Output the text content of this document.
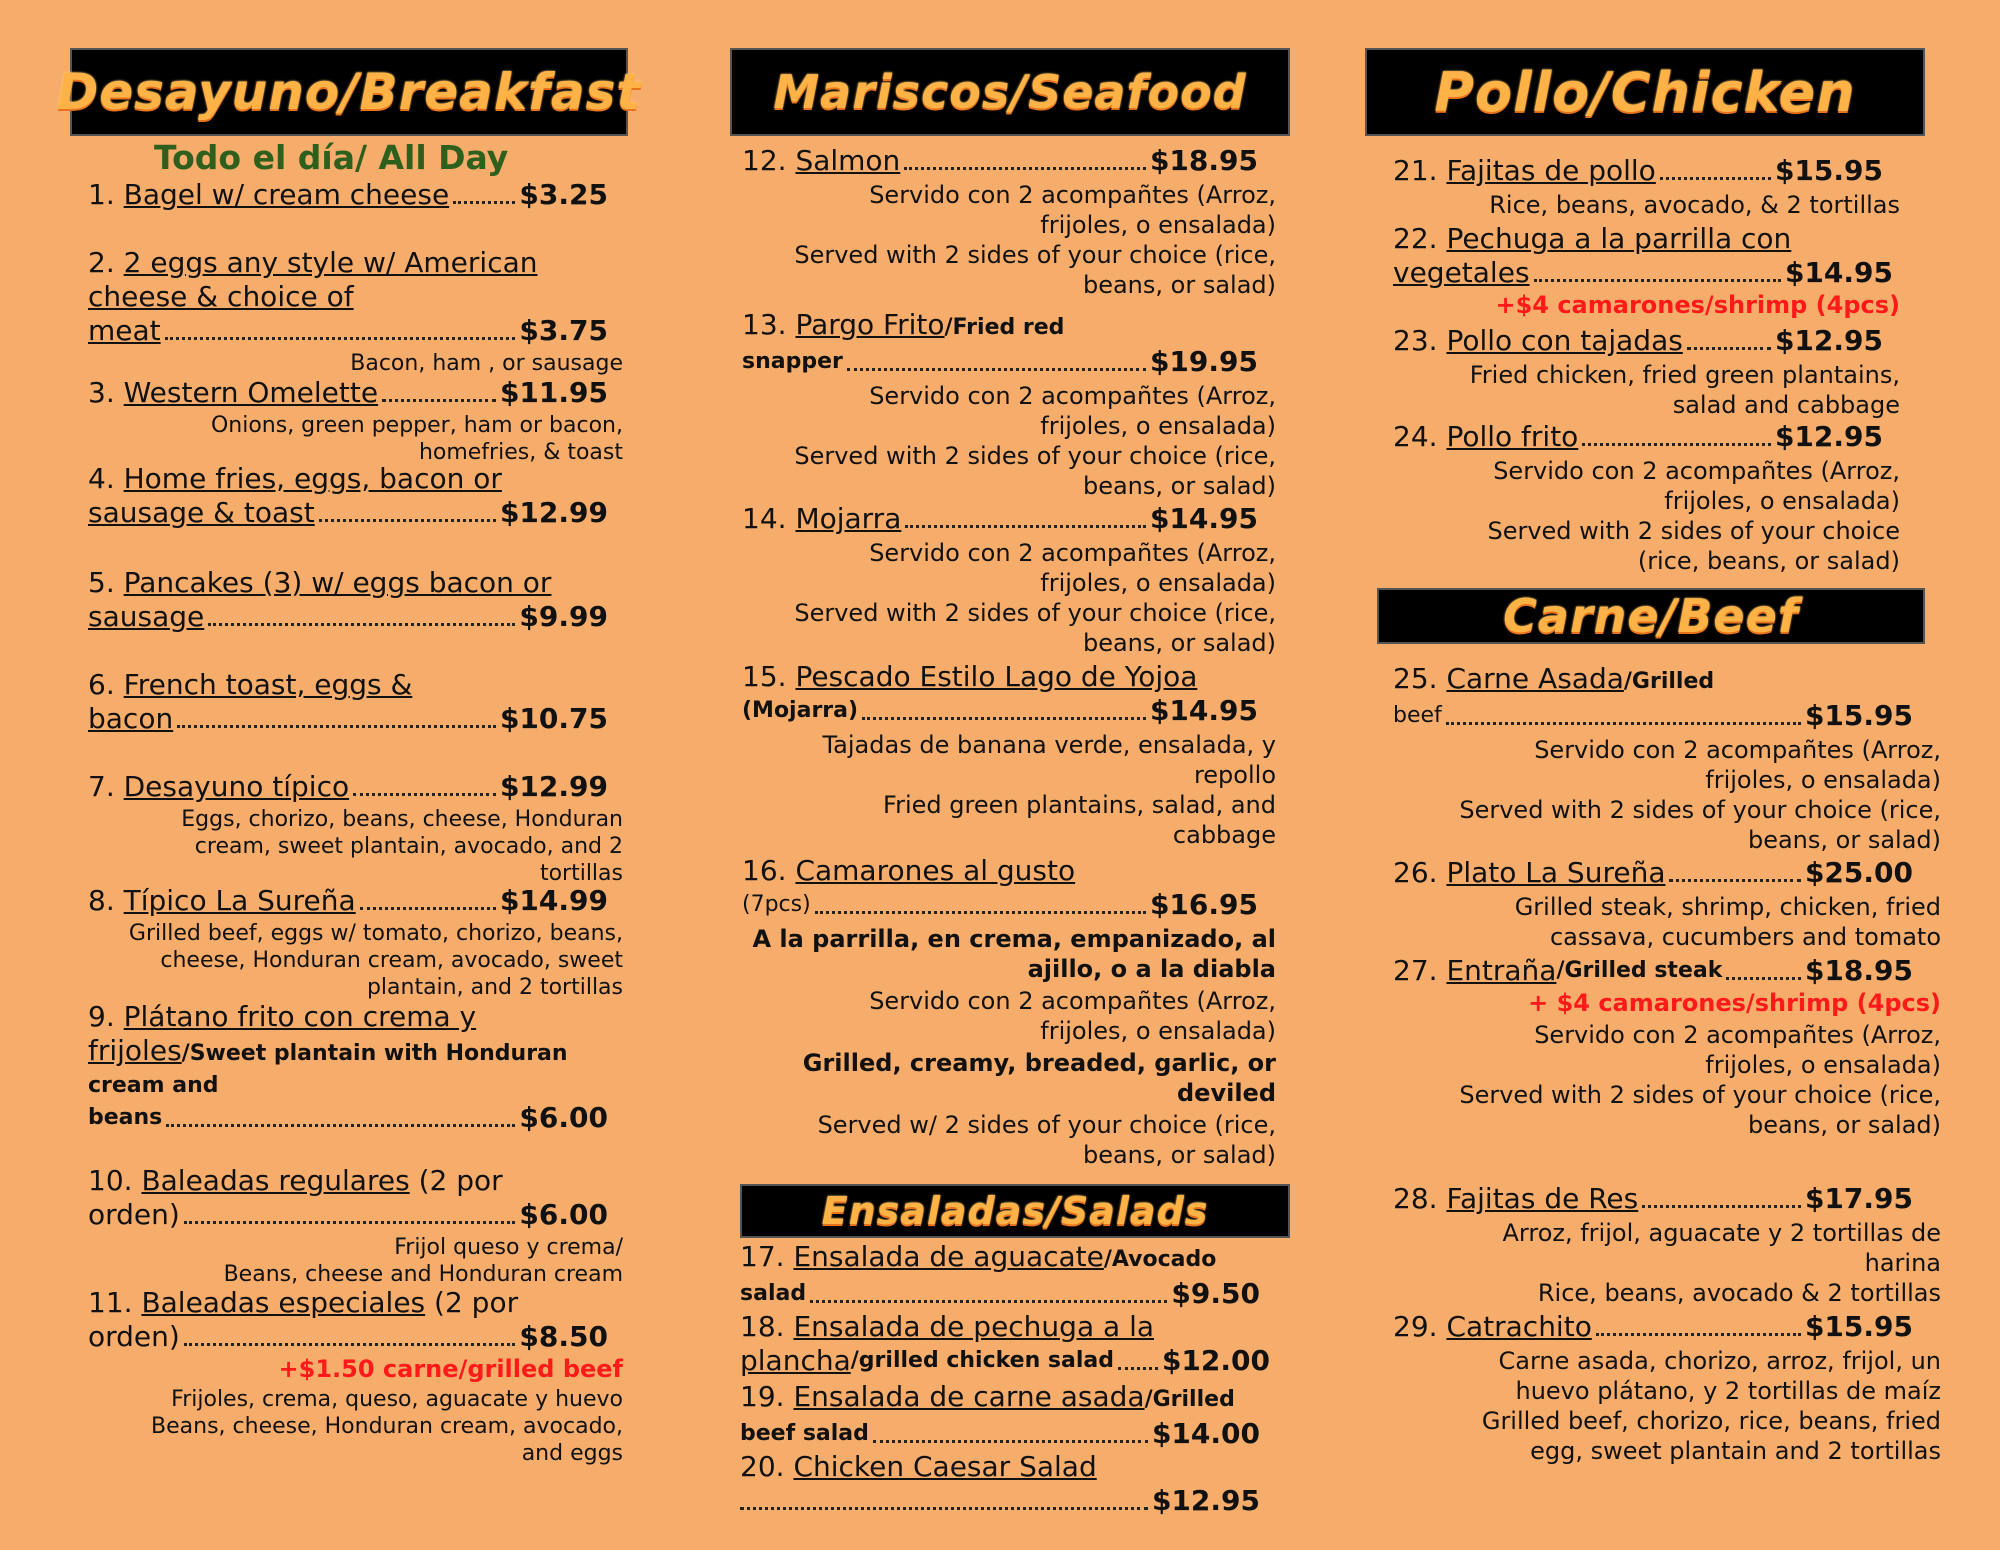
Desayuno/Breakfast
Todo el día/ All Day
1.
Bagel w/ cream cheese	$3.25
2. 2 eggs any style w/ American
cheese & choice of
meat	$3.75
Bacon, ham , or sausage
3.
Western Omelette	$11.95
Onions, green pepper, ham or bacon,
homefries, & toast
4. Home fries, eggs, bacon or
sausage & toast	$12.99
5. Pancakes (3) w/ eggs bacon or
sausage	$9.99
6. French toast, eggs &
bacon	$10.75
7.
Desayuno típico	$12.99
Eggs, chorizo, beans, cheese, Honduran
cream, sweet plantain, avocado, and 2
tortillas
8.
Típico La Sureña	$14.99
Grilled beef, eggs w/ tomato, chorizo, beans,
cheese, Honduran cream, avocado, sweet
plantain, and 2 tortillas
9. Plátano frito con crema y
frijoles/Sweet plantain with Honduran
cream and
beans	$6.00
10. Baleadas regulares (2 por
orden)	$6.00
Frijol queso y crema/
Beans, cheese and Honduran cream
11. Baleadas especiales (2 por
orden)	$8.50
+$1.50 carne/grilled beef
Frijoles, crema, queso, aguacate y huevo
Beans, cheese, Honduran cream, avocado,
and eggs
Mariscos/Seafood
12.
Salmon	$18.95
Servido con 2 acompañtes (Arroz,
frijoles, o ensalada)
Served with 2 sides of your choice (rice,
beans, or salad)
13. Pargo Frito/Fried red
snapper	$19.95
Servido con 2 acompañtes (Arroz,
frijoles, o ensalada)
Served with 2 sides of your choice (rice,
beans, or salad)
14.
Mojarra	$14.95
Servido con 2 acompañtes (Arroz,
frijoles, o ensalada)
Served with 2 sides of your choice (rice,
beans, or salad)
15. Pescado Estilo Lago de Yojoa
(Mojarra)	$14.95
Tajadas de banana verde, ensalada, y
repollo
Fried green plantains, salad, and
cabbage
16. Camarones al gusto
(7pcs)	$16.95
A la parrilla, en crema, empanizado, al
ajillo, o a la diabla
Servido con 2 acompañtes (Arroz,
frijoles, o ensalada)
Grilled, creamy, breaded, garlic, or
deviled
Served w/ 2 sides of your choice (rice,
beans, or salad)
Ensaladas/Salads
17. Ensalada de aguacate/Avocado
salad	$9.50
18. Ensalada de pechuga a la
plancha /grilled chicken salad $12.00
19. Ensalada de carne asada/Grilled
beef salad	$14.00
20. Chicken Caesar Salad
$12.95
Pollo/Chicken
21.
Fajitas de pollo	$15.95
Rice, beans, avocado, & 2 tortillas
22. Pechuga a la parrilla con
vegetales	$14.95
+$4 camarones/shrimp (4pcs)
23.
Pollo con tajadas	$12.95
Fried chicken, fried green plantains,
salad and cabbage
24.
Pollo frito	$12.95
Servido con 2 acompañtes (Arroz,
frijoles, o ensalada)
Served with 2 sides of your choice
(rice, beans, or salad)
Carne/Beef
25. Carne Asada/Grilled
beef	$15.95
Servido con 2 acompañtes (Arroz,
frijoles, o ensalada)
Served with 2 sides of your choice (rice,
beans, or salad)
26.
Plato La Sureña	$25.00
Grilled steak, shrimp, chicken, fried
cassava, cucumbers and tomato
27.
Entraña /Grilled steak	$18.95
+ $4 camarones/shrimp (4pcs)
Servido con 2 acompañtes (Arroz,
frijoles, o ensalada)
Served with 2 sides of your choice (rice,
beans, or salad)
28.
Fajitas de Res	$17.95
Arroz, frijol, aguacate y 2 tortillas de
harina
Rice, beans, avocado & 2 tortillas
29.
Catrachito	$15.95
Carne asada, chorizo, arroz, frijol, un
huevo plátano, y 2 tortillas de maíz
Grilled beef, chorizo, rice, beans, fried
egg, sweet plantain and 2 tortillas
